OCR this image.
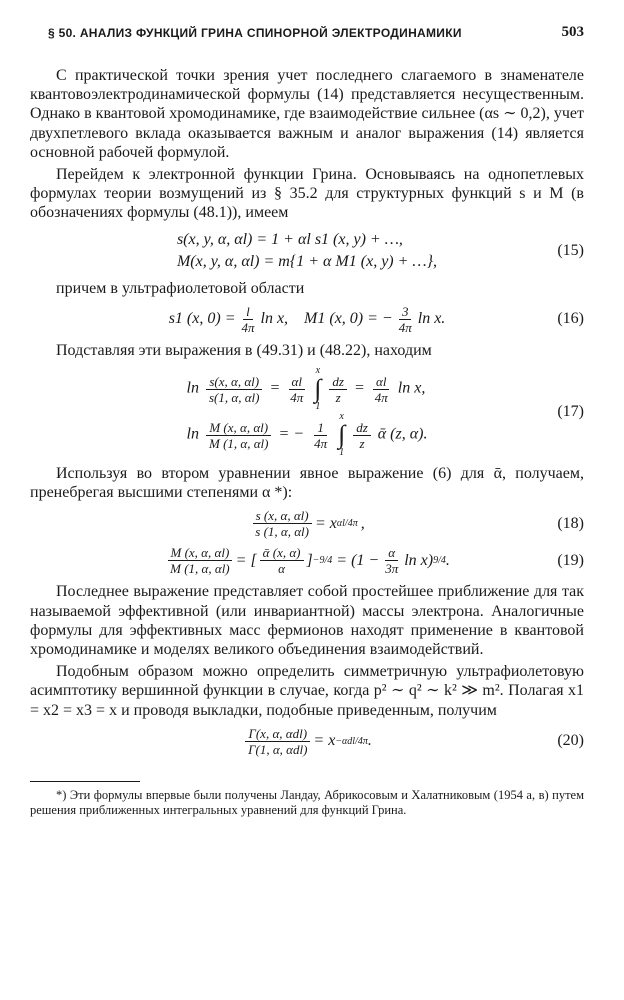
§ 50. АНАЛИЗ ФУНКЦИЙ ГРИНА СПИНОРНОЙ ЭЛЕКТРОДИНАМИКИ	503

С практической точки зрения учет последнего слагаемого в знаменателе квантовоэлектродинамической формулы (14) представляется несущественным. Однако в квантовой хромодинамике, где взаимодействие сильнее (αs ∼ 0,2), учет двухпетлевого вклада оказывается важным и аналог выражения (14) является основной рабочей формулой.

Перейдем к электронной функции Грина. Основываясь на однопетлевых формулах теории возмущений из § 35.2 для структурных функций s и M (в обозначениях формулы (48.1)), имеем

s(x, y, α, αl) = 1 + αl s1 (x, y) + …,
M(x, y, α, αl) = m{1 + α M1 (x, y) + …},
(15)

причем в ультрафиолетовой области

s1 (x, $0) = \frac{l}{4\pi}$ ln x,    M1 (x, 0) = − $\frac{3}{4\pi}$ ln x.	(16)

Подставляя эти выражения в (49.31) и (48.22), находим

$\ln \frac{s(x, \alpha, \alpha l)}{s(1, \alpha, \alpha l)} = \frac{\alpha l}{4\pi}$

x
∫
1

$\frac{dz}{z} = \frac{\alpha l}{4\pi}$ ln x,
$\ln \frac{M (x, \alpha, \alpha l)}{M (1, \alpha, \alpha l)}$ = − $\frac{1}{4\pi}$

x
∫
1

$\frac{dz}{z}$ ᾱ (z, α).
(17)

Используя во втором уравнении явное выражение (6) для ᾱ, получаем, пренебрегая высшими степенями α *):

$\frac{s (x, \alpha, \alpha l)}{s (1, \alpha, \alpha l)} = x$ αl/4π ,	(18)
$\frac{M (x, \alpha, \alpha l)}{M (1, \alpha, \alpha l)}$ = [ $\frac{\text{ᾱ (x, α)}}{\alpha}$ ] $-9/4 = (1 - \frac{\alpha}{3\pi}$ ln x) 9/4 .	(19)

Последнее выражение представляет собой простейшее приближение для так называемой эффективной (или инвариантной) массы электрона. Аналогичные формулы для эффективных масс фермионов находят применение в квантовой хромодинамике и моделях великого объединения взаимодействий.

Подобным образом можно определить симметричную ультрафиолетовую асимптотику вершинной функции в случае, когда p² ∼ q² ∼ k² ≫ m². Полагая x1 = x2 = x3 = x и проводя выкладки, подобные приведенным, получим

$\frac{\text{Γ(x, α, αdl)}}{\text{Γ(1, α, αdl)}} = x -\alpha dl/4\pi$ .	(20)

*) Эти формулы впервые были получены Ландау, Абрикосовым и Халатниковым (1954 а, в) путем решения приближенных интегральных уравнений для функций Грина.
